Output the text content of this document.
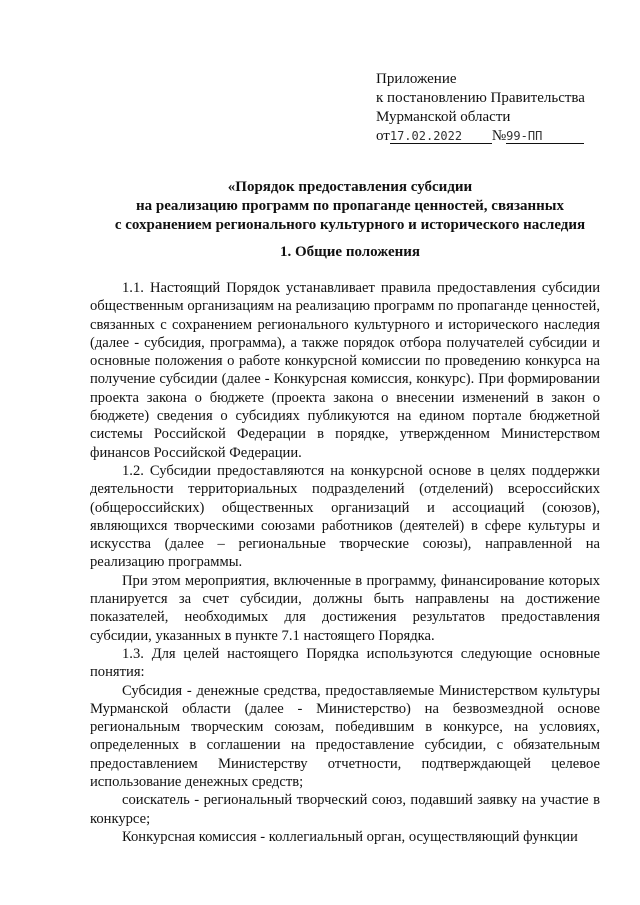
Приложение
к постановлению Правительства
Мурманской области
от17.02.2022 №99-ПП
«Порядок предоставления субсидии
на реализацию программ по пропаганде ценностей, связанных
с сохранением регионального культурного и исторического наследия
1. Общие положения

1.1. Настоящий Порядок устанавливает правила предоставления субсидии общественным организациям на реализацию программ по пропаганде ценностей, связанных с сохранением регионального культурного и исторического наследия (далее - субсидия, программа), а также порядок отбора получателей субсидии и основные положения о работе конкурсной комиссии по проведению конкурса на получение субсидии (далее - Конкурсная комиссия, конкурс). При формировании проекта закона о бюджете (проекта закона о внесении изменений в закон о бюджете) сведения о субсидиях публикуются на едином портале бюджетной системы Российской Федерации в порядке, утвержденном Министерством финансов Российской Федерации.

1.2. Субсидии предоставляются на конкурсной основе в целях поддержки деятельности территориальных подразделений (отделений) всероссийских (общероссийских) общественных организаций и ассоциаций (союзов), являющихся творческими союзами работников (деятелей) в сфере культуры и искусства (далее – региональные творческие союзы), направленной на реализацию программы.

При этом мероприятия, включенные в программу, финансирование которых планируется за счет субсидии, должны быть направлены на достижение показателей, необходимых для достижения результатов предоставления субсидии, указанных в пункте 7.1 настоящего Порядка.

1.3. Для целей настоящего Порядка используются следующие основные понятия:

Субсидия - денежные средства, предоставляемые Министерством культуры Мурманской области (далее - Министерство) на безвозмездной основе региональным творческим союзам, победившим в конкурсе, на условиях, определенных в соглашении на предоставление субсидии, с обязательным предоставлением Министерству отчетности, подтверждающей целевое использование денежных средств;

соискатель - региональный творческий союз, подавший заявку на участие в конкурсе;

Конкурсная комиссия - коллегиальный орган, осуществляющий функции
